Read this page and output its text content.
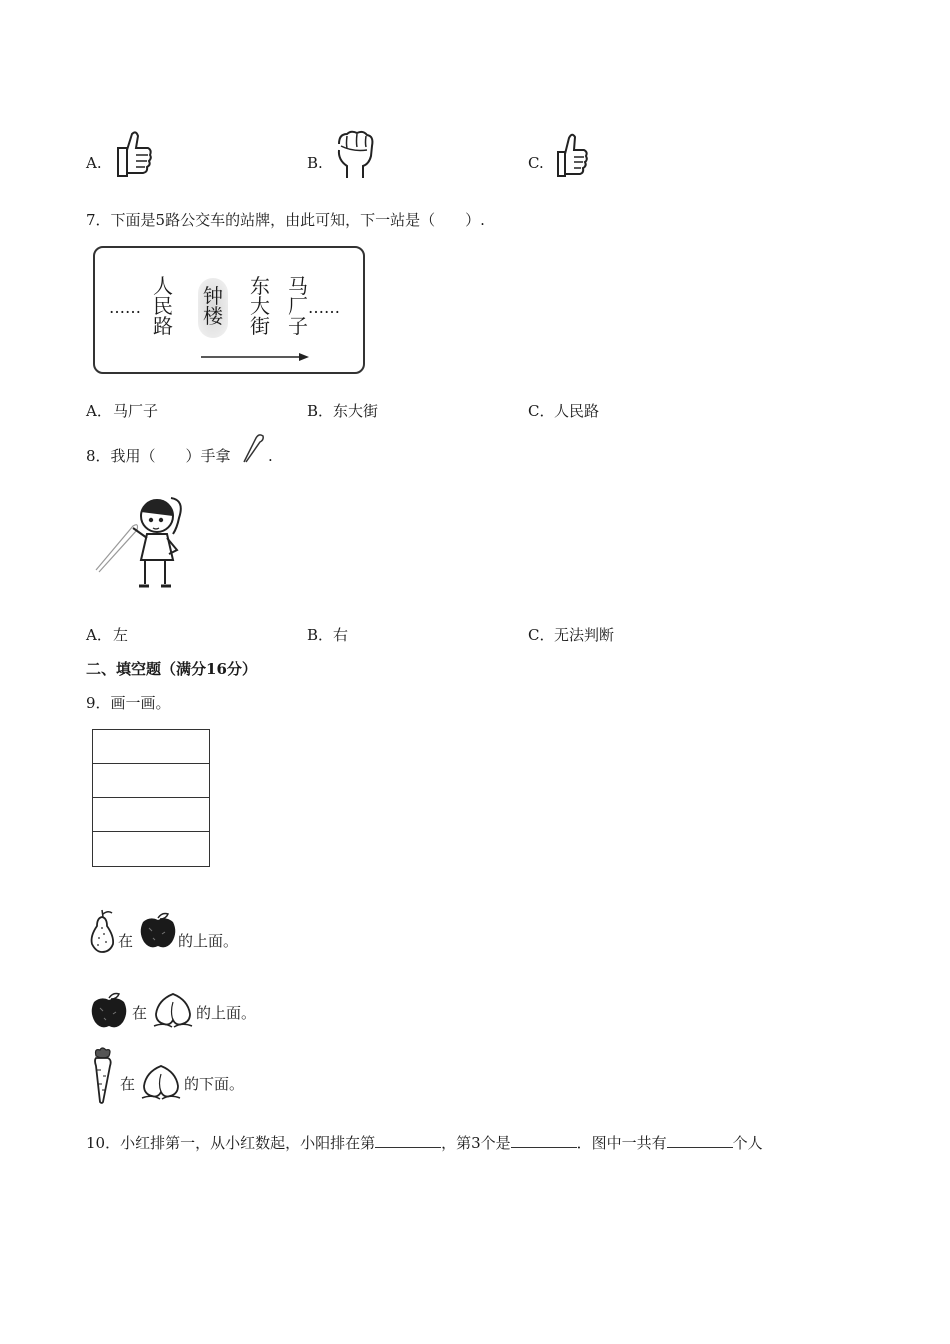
A.	B.	C.
7．下面是5路公交车的站牌，由此可知，下一站是（　　）.
……
人民路
钟楼
东大街
马厂子
……
A． 马厂子	B． 东大街	C． 人民路
8．我用（　　）手拿 .
A． 左	B． 右	C． 无法判断
二、填空题（满分16分）
9．画一画。
在	的上面。
在	的上面。
在	的下面。
10．小红排第一，从小红数起，小阳排在第	，第3个是	．图中一共有	个人
